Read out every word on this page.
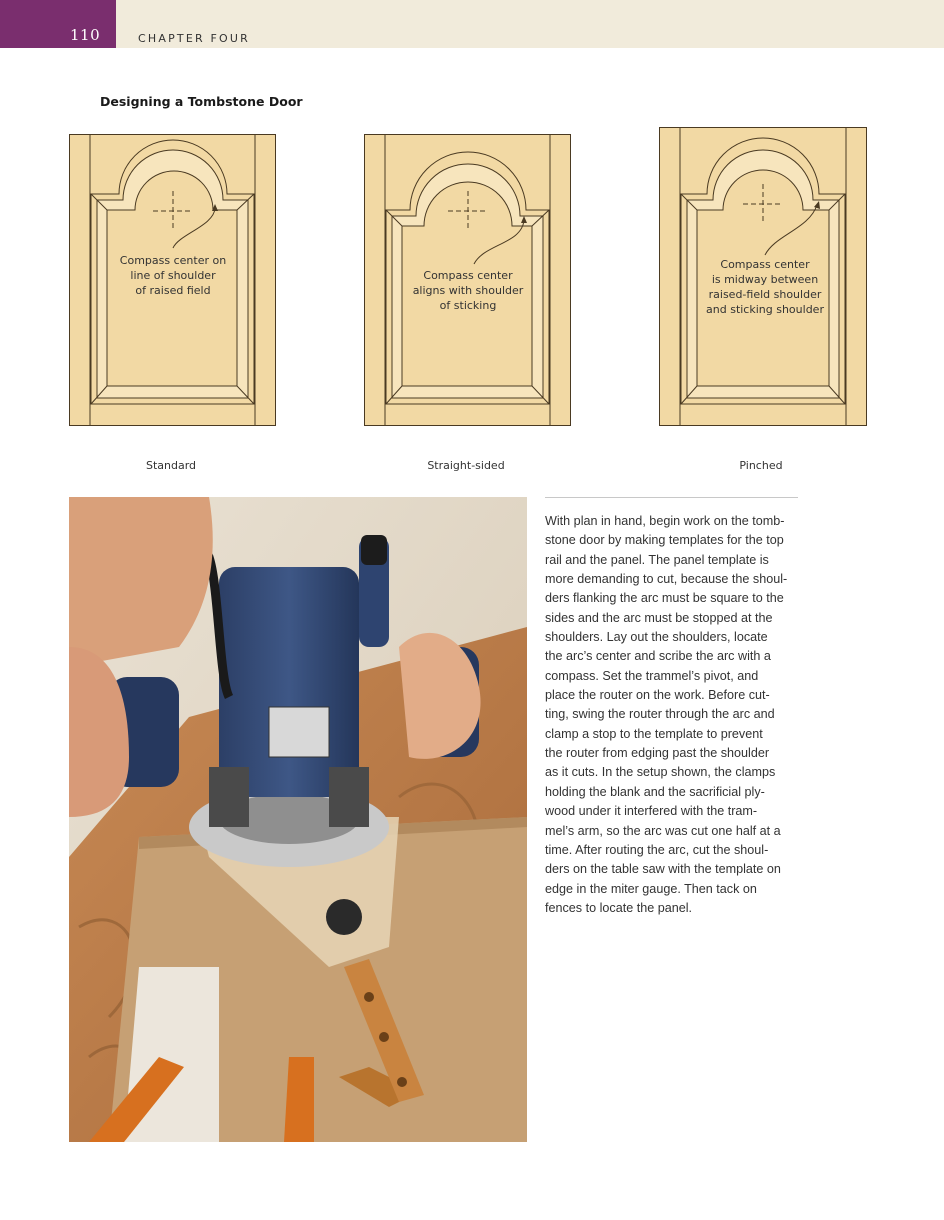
110	CHAPTER FOUR
Designing a Tombstone Door
Compass center on
line of shoulder
of raised field
Standard
Compass center
aligns with shoulder
of sticking
Straight-sided
Compass center
is midway between
raised-field shoulder
and sticking shoulder
Pinched
With plan in hand, begin work on the tomb-
stone door by making templates for the top
rail and the panel. The panel template is
more demanding to cut, because the shoul-
ders flanking the arc must be square to the
sides and the arc must be stopped at the
shoulders. Lay out the shoulders, locate
the arc’s center and scribe the arc with a
compass. Set the trammel’s pivot, and
place the router on the work. Before cut-
ting, swing the router through the arc and
clamp a stop to the template to prevent
the router from edging past the shoulder
as it cuts. In the setup shown, the clamps
holding the blank and the sacrificial ply-
wood under it interfered with the tram-
mel’s arm, so the arc was cut one half at a
time. After routing the arc, cut the shoul-
ders on the table saw with the template on
edge in the miter gauge. Then tack on
fences to locate the panel.
